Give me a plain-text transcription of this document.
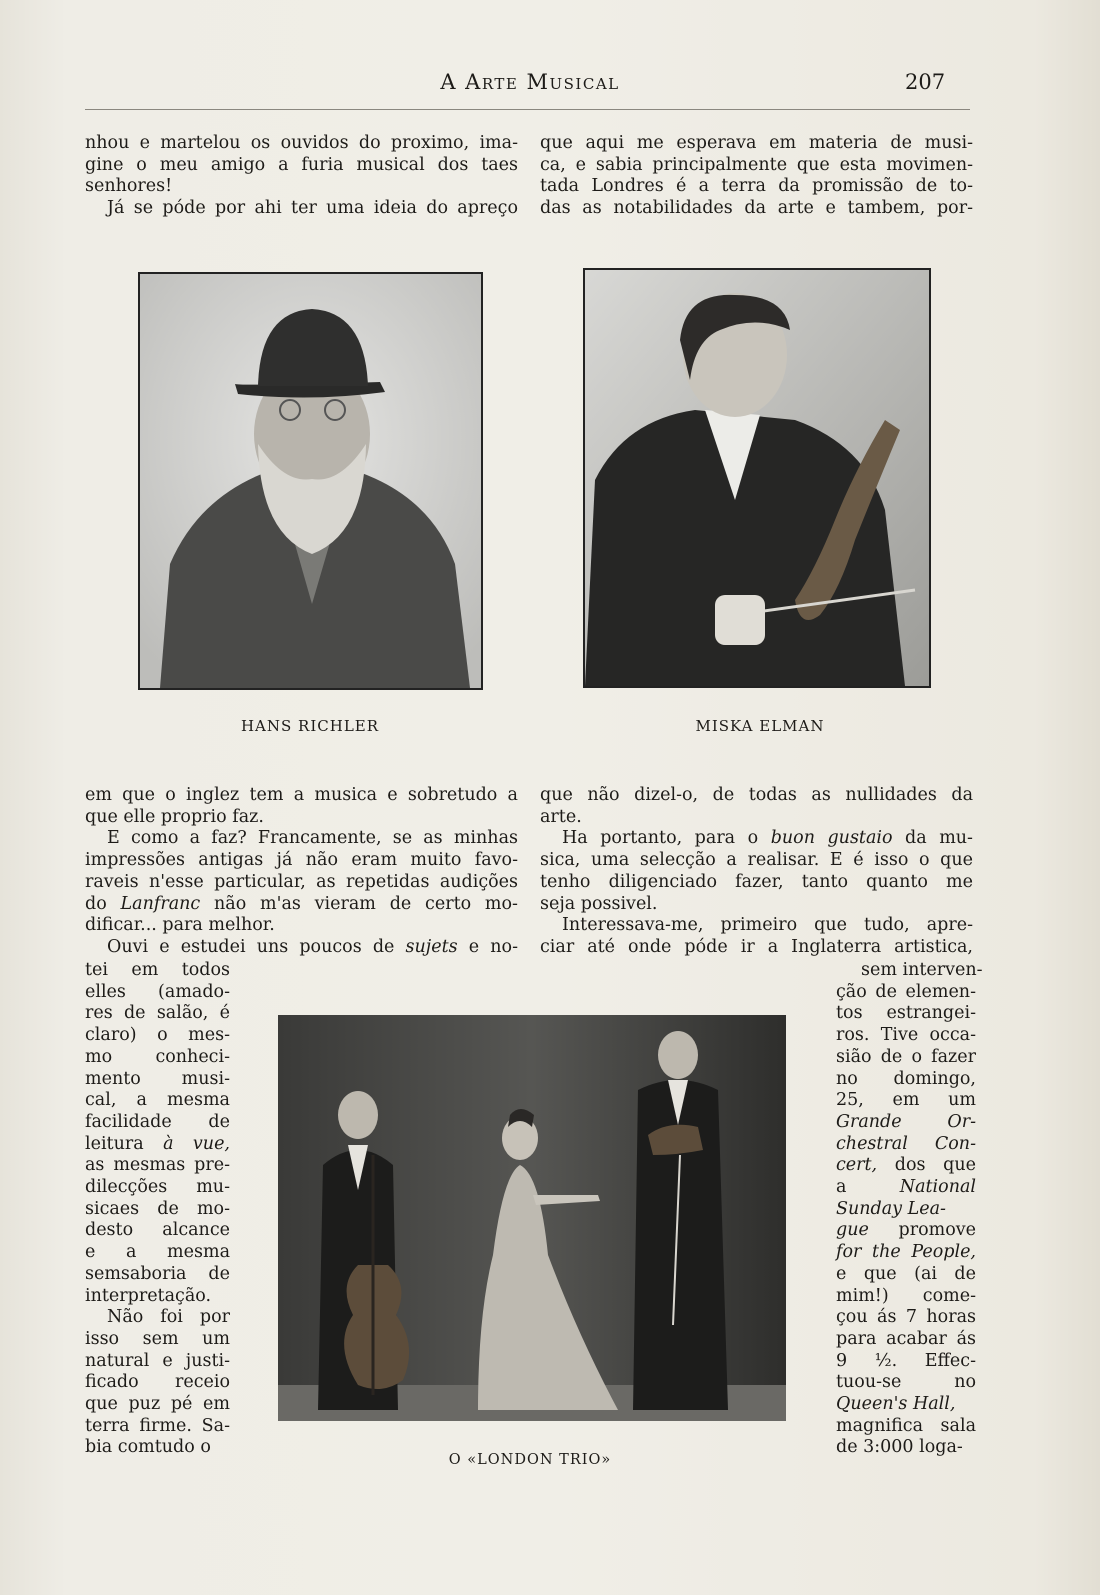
A Arte Musical	207

nhou e martelou os ouvidos do proximo, ima-

gine o meu amigo a furia musical dos taes

senhores!

Já se póde por ahi ter uma ideia do apreço

que aqui me esperava em materia de musi-

ca, e sabia principalmente que esta movimen-

tada Londres é a terra da promissão de to-

das as notabilidades da arte e tambem, por-

HANS RICHLER	MISKA ELMAN

em que o inglez tem a musica e sobretudo a

que elle proprio faz.

E como a faz? Francamente, se as minhas

impressões antigas já não eram muito favo-

raveis n'esse particular, as repetidas audições

do Lanfranc não m'as vieram de certo mo-

dificar... para melhor.

Ouvi e estudei uns poucos de sujets e no-

que não dizel-o, de todas as nullidades da

arte.

Ha portanto, para o buon gustaio da mu-

sica, uma selecção a realisar. E é isso o que

tenho diligenciado fazer, tanto quanto me

seja possivel.

Interessava-me, primeiro que tudo, apre-

ciar até onde póde ir a Inglaterra artistica,

tei em todos
elles (amado-
res de salão, é
claro) o mes-
mo conheci-
mento musi-
cal, a mesma
facilidade de
leitura à vue,
as mesmas pre-
dilecções mu-
sicaes de mo-
desto alcance
e a mesma
semsaboria de
interpretação.
Não foi por
isso sem um
natural e justi-
ficado receio
que puz pé em
terra firme. Sa-
bia comtudo o
O «LONDON TRIO»
sem interven-
ção de elemen-
tos estrangei-
ros. Tive occa-
sião de o fazer
no domingo,
25, em um
Grande Or-
chestral Con-
cert, dos que
a	National
Sunday Lea-
gue promove
for the People,
e que (ai de
mim!) come-
çou ás 7 horas
para acabar ás
9 ½. Effec-
tuou-se no
Queen's Hall,
magnifica sala
de 3:000 loga-
